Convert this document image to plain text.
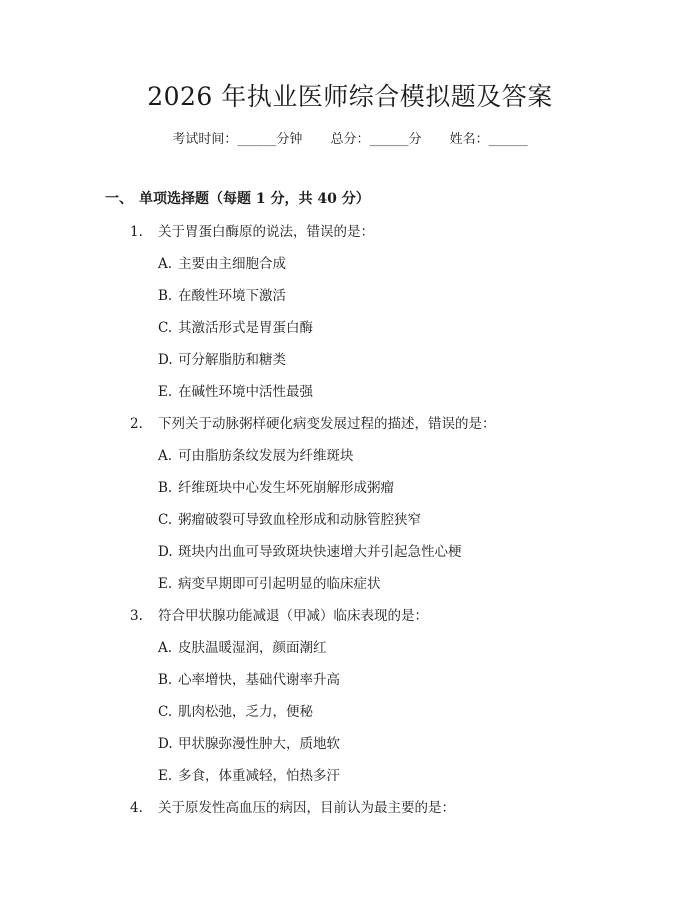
2026 年执业医师综合模拟题及答案
考试时间：______分钟 总分：______分 姓名：______
一、 单项选择题（每题 1 分，共 40 分）
1. 关于胃蛋白酶原的说法，错误的是：
A. 主要由主细胞合成
B. 在酸性环境下激活
C. 其激活形式是胃蛋白酶
D. 可分解脂肪和糖类
E. 在碱性环境中活性最强
2. 下列关于动脉粥样硬化病变发展过程的描述，错误的是：
A. 可由脂肪条纹发展为纤维斑块
B. 纤维斑块中心发生坏死崩解形成粥瘤
C. 粥瘤破裂可导致血栓形成和动脉管腔狭窄
D. 斑块内出血可导致斑块快速增大并引起急性心梗
E. 病变早期即可引起明显的临床症状
3. 符合甲状腺功能减退（甲减）临床表现的是：
A. 皮肤温暖湿润，颜面潮红
B. 心率增快，基础代谢率升高
C. 肌肉松弛，乏力，便秘
D. 甲状腺弥漫性肿大，质地软
E. 多食，体重减轻，怕热多汗
4. 关于原发性高血压的病因，目前认为最主要的是：
